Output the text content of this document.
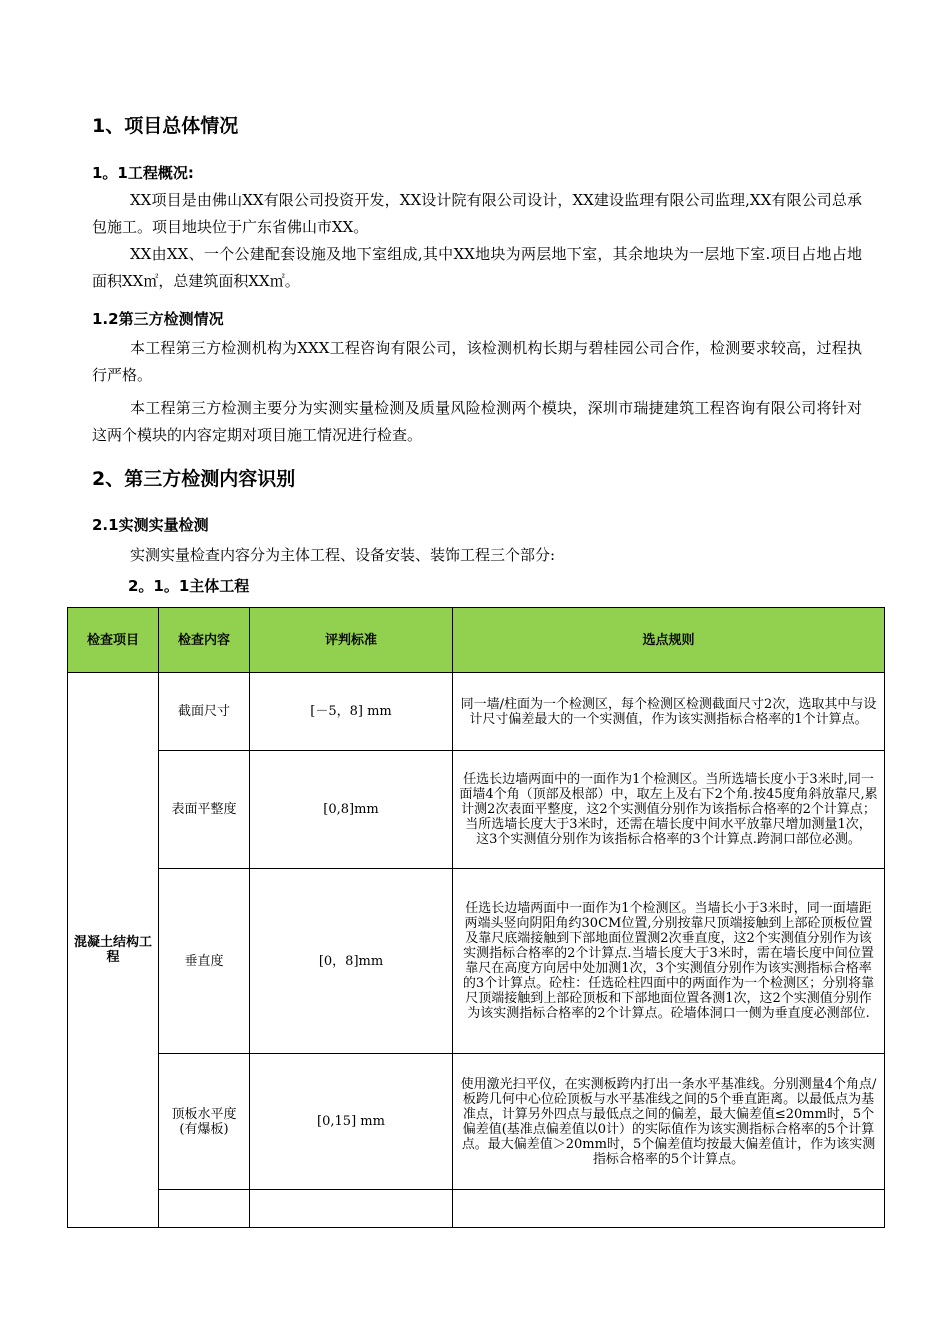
1、项目总体情况
1。1工程概况:

XX项目是由佛山XX有限公司投资开发，XX设计院有限公司设计，XX建设监理有限公司监理,XX有限公司总承包施工。项目地块位于广东省佛山市XX。

XX由XX、一个公建配套设施及地下室组成,其中XX地块为两层地下室，其余地块为一层地下室.项目占地占地面积XX㎡，总建筑面积XX㎡。

1.2第三方检测情况

本工程第三方检测机构为XXX工程咨询有限公司，该检测机构长期与碧桂园公司合作，检测要求较高，过程执行严格。

本工程第三方检测主要分为实测实量检测及质量风险检测两个模块，深圳市瑞捷建筑工程咨询有限公司将针对这两个模块的内容定期对项目施工情况进行检查。

2、第三方检测内容识别
2.1实测实量检测

实测实量检查内容分为主体工程、设备安装、装饰工程三个部分:

2。1。1主体工程
检查项目	检查内容	评判标准	选点规则
混凝土结构工程	截面尺寸	[－5，8] mm	同一墙/柱面为一个检测区，每个检测区检测截面尺寸2次，选取其中与设计尺寸偏差最大的一个实测值，作为该实测指标合格率的1个计算点。
	表面平整度	[0,8]mm	任选长边墙两面中的一面作为1个检测区。当所选墙长度小于3米时,同一面墙4个角（顶部及根部）中，取左上及右下2个角.按45度角斜放靠尺,累计测2次表面平整度，这2个实测值分别作为该指标合格率的2个计算点；当所选墙长度大于3米时，还需在墙长度中间水平放靠尺增加测量1次，这3个实测值分别作为该指标合格率的3个计算点.跨洞口部位必测。
	垂直度	[0，8]mm	任选长边墙两面中一面作为1个检测区。当墙长小于3米时，同一面墙距两端头竖向阴阳角约30CM位置,分别按靠尺顶端接触到上部砼顶板位置及靠尺底端接触到下部地面位置测2次垂直度，这2个实测值分别作为该实测指标合格率的2个计算点.当墙长度大于3米时，需在墙长度中间位置靠尺在高度方向居中处加测1次，3个实测值分别作为该实测指标合格率的3个计算点。砼柱：任选砼柱四面中的两面作为一个检测区；分别将靠尺顶端接触到上部砼顶板和下部地面位置各测1次，这2个实测值分别作为该实测指标合格率的2个计算点。砼墙体洞口一侧为垂直度必测部位.
	顶板水平度(有爆板)	[0,15] mm	使用激光扫平仪，在实测板跨内打出一条水平基准线。分别测量4个角点/板跨几何中心位砼顶板与水平基准线之间的5个垂直距离。以最低点为基准点，计算另外四点与最低点之间的偏差，最大偏差值≤20mm时，5个偏差值(基准点偏差值以0计）的实际值作为该实测指标合格率的5个计算点。最大偏差值＞20mm时，5个偏差值均按最大偏差值计，作为该实测指标合格率的5个计算点。
